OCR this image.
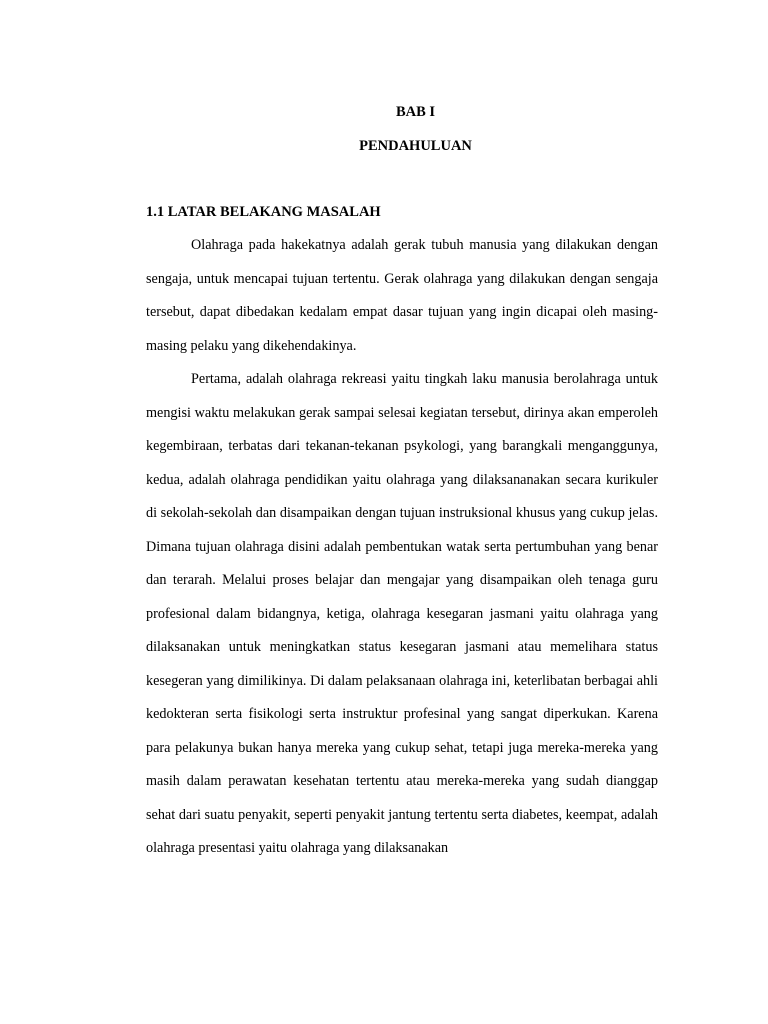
BAB I
PENDAHULUAN
1.1 LATAR BELAKANG MASALAH

Olahraga pada hakekatnya adalah gerak tubuh manusia yang dilakukan dengan sengaja, untuk mencapai tujuan tertentu. Gerak olahraga yang dilakukan dengan sengaja tersebut, dapat dibedakan kedalam empat dasar tujuan yang ingin dicapai oleh masing-masing pelaku yang dikehendakinya.

Pertama, adalah olahraga rekreasi yaitu tingkah laku manusia berolahraga untuk mengisi waktu melakukan gerak sampai selesai kegiatan tersebut, dirinya akan emperoleh kegembiraan, terbatas dari tekanan-tekanan psykologi, yang barangkali menganggunya, kedua, adalah olahraga pendidikan yaitu olahraga yang dilaksananakan secara kurikuler di sekolah-sekolah dan disampaikan dengan tujuan instruksional khusus yang cukup jelas. Dimana tujuan olahraga disini adalah pembentukan watak serta pertumbuhan yang benar dan terarah. Melalui proses belajar dan mengajar yang disampaikan oleh tenaga guru profesional dalam bidangnya, ketiga, olahraga kesegaran jasmani yaitu olahraga yang dilaksanakan untuk meningkatkan status kesegaran jasmani atau memelihara status kesegeran yang dimilikinya. Di dalam pelaksanaan olahraga ini, keterlibatan berbagai ahli kedokteran serta fisikologi serta instruktur profesinal yang sangat diperkukan. Karena para pelakunya bukan hanya mereka yang cukup sehat, tetapi juga mereka-mereka yang masih dalam perawatan kesehatan tertentu atau mereka-mereka yang sudah dianggap sehat dari suatu penyakit, seperti penyakit jantung tertentu serta diabetes, keempat, adalah olahraga presentasi yaitu olahraga yang dilaksanakan
